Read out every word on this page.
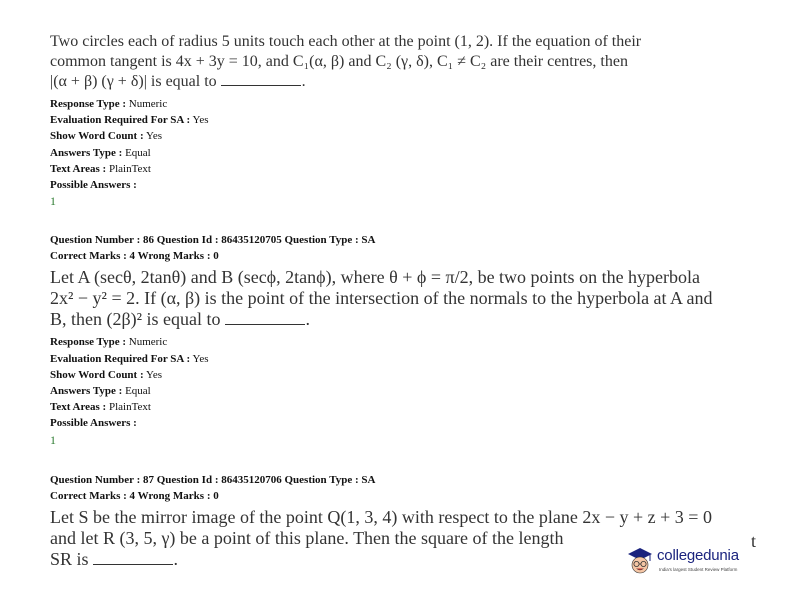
Two circles each of radius 5 units touch each other at the point (1, 2). If the equation of their
common tangent is 4x + 3y = 10, and C₁(α, β) and C₂ (γ, δ), C₁ ≠ C₂ are their centres, then
|(α + β) (γ + δ)| is equal to	.
Response Type : Numeric
Evaluation Required For SA : Yes
Show Word Count : Yes
Answers Type : Equal
Text Areas : PlainText
Possible Answers :
1
Question Number : 86 Question Id : 86435120705 Question Type : SA
Correct Marks : 4 Wrong Marks : 0
Let A (secθ, 2tanθ) and B (secϕ, 2tanϕ), where θ + ϕ = π/2, be two points on the hyperbola
2x² − y² = 2. If (α, β) is the point of the intersection of the normals to the hyperbola at A and
B, then (2β)² is equal to	.
Response Type : Numeric
Evaluation Required For SA : Yes
Show Word Count : Yes
Answers Type : Equal
Text Areas : PlainText
Possible Answers :
1
Question Number : 87 Question Id : 86435120706 Question Type : SA
Correct Marks : 4 Wrong Marks : 0
Let S be the mirror image of the point Q(1, 3, 4) with respect to the plane 2x − y + z + 3 = 0
and let R (3, 5, γ) be a point of this plane. Then the square of the length
SR is	.
t
collegedunia
India's largest Student Review Platform
